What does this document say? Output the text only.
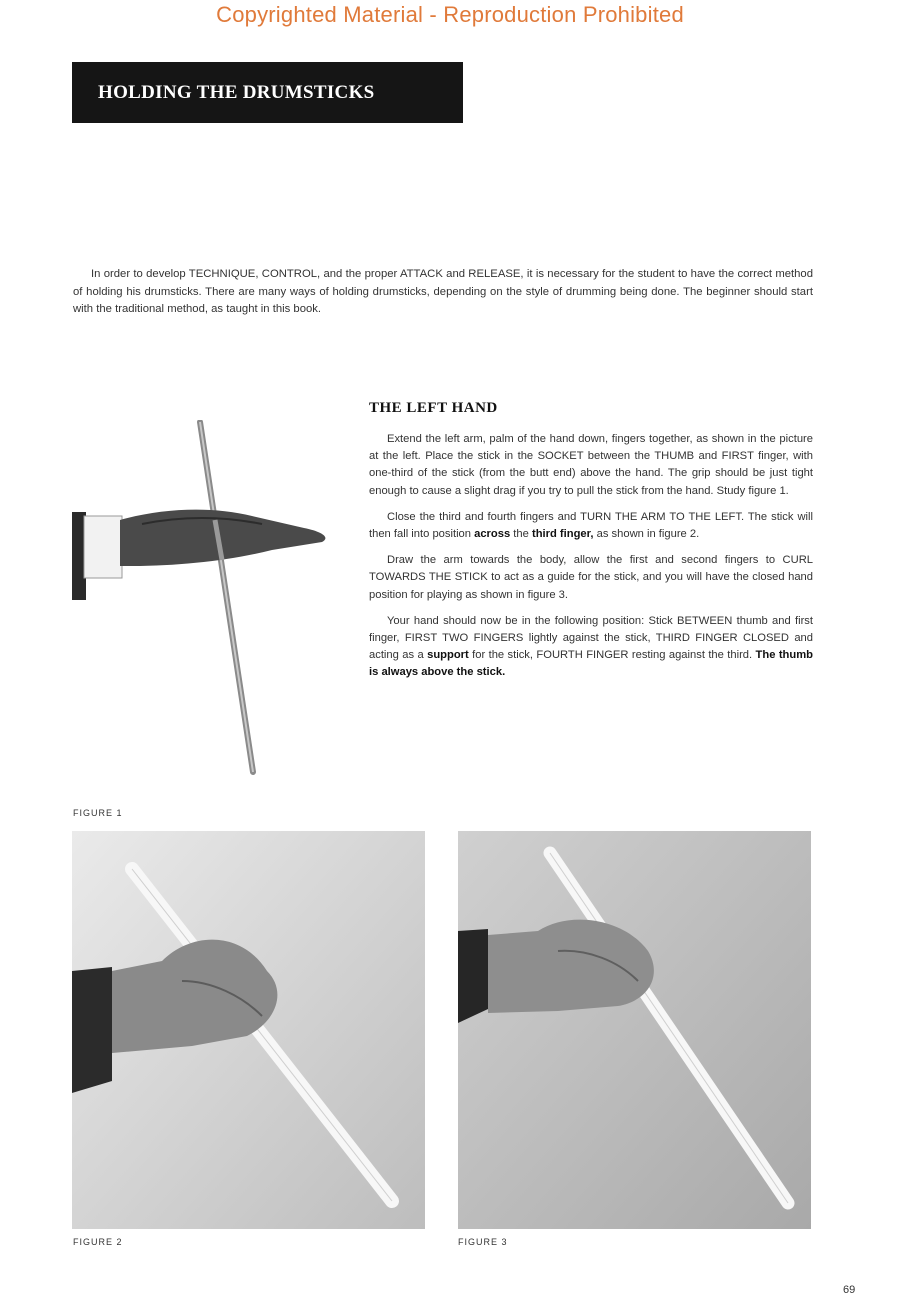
Copyrighted Material - Reproduction Prohibited
HOLDING THE DRUMSTICKS
In order to develop TECHNIQUE, CONTROL, and the proper ATTACK and RELEASE, it is necessary for the student to have the correct method of holding his drumsticks. There are many ways of holding drumsticks, depending on the style of drumming being done. The beginner should start with the traditional method, as taught in this book.
THE LEFT HAND

Extend the left arm, palm of the hand down, fingers together, as shown in the picture at the left. Place the stick in the SOCKET between the THUMB and FIRST finger, with one-third of the stick (from the butt end) above the hand. The grip should be just tight enough to cause a slight drag if you try to pull the stick from the hand. Study figure 1.

Close the third and fourth fingers and TURN THE ARM TO THE LEFT. The stick will then fall into position across the third finger, as shown in figure 2.

Draw the arm towards the body, allow the first and second fingers to CURL TOWARDS THE STICK to act as a guide for the stick, and you will have the closed hand position for playing as shown in figure 3.

Your hand should now be in the following position: Stick BETWEEN thumb and first finger, FIRST TWO FINGERS lightly against the stick, THIRD FINGER CLOSED and acting as a support for the stick, FOURTH FINGER resting against the third. The thumb is always above the stick.

FIGURE 1
FIGURE 2	FIGURE 3
69
